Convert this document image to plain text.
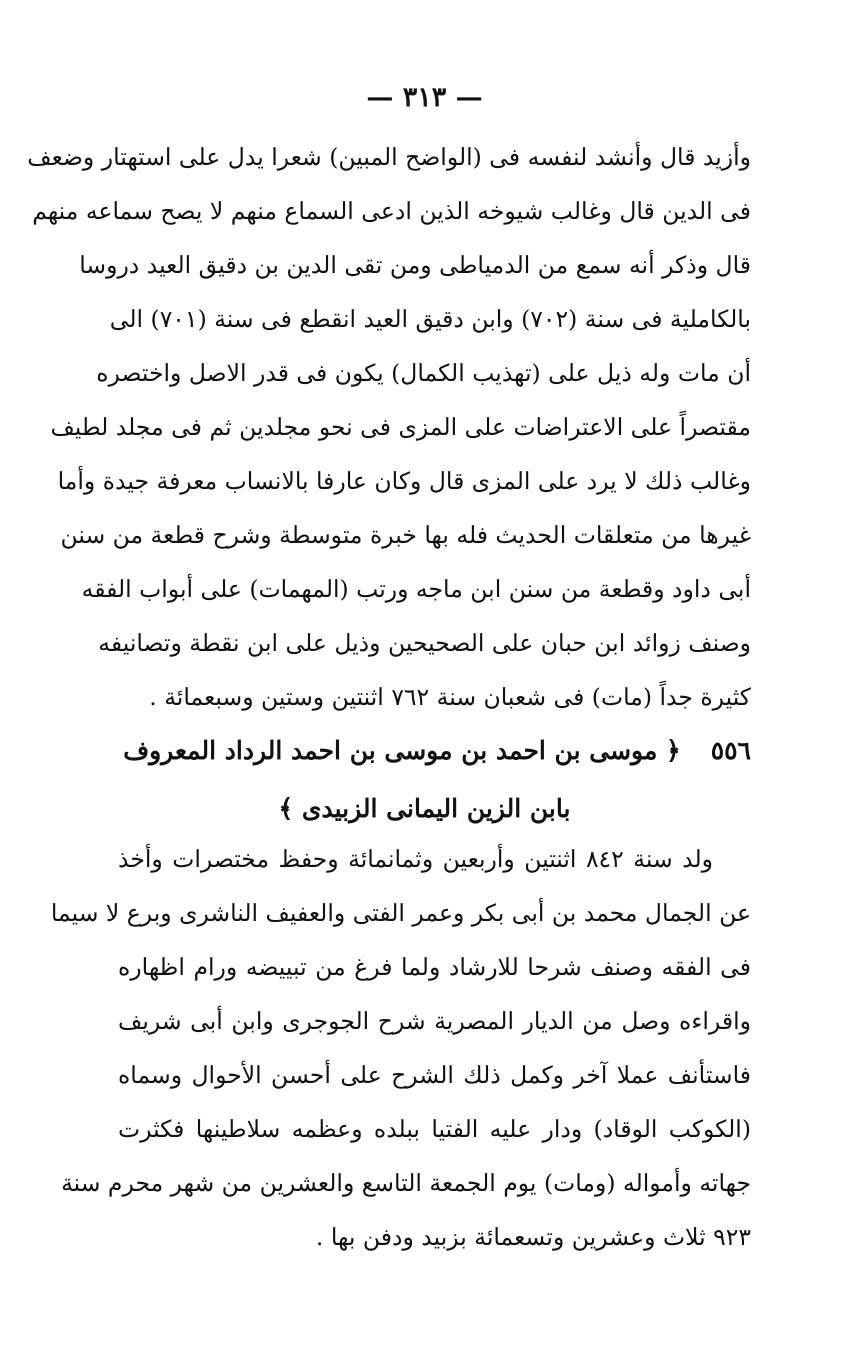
— ٣١٣ —
وأزيد قال وأنشد لنفسه فى (الواضح المبين) شعرا يدل على استهتار وضعف
فى الدين قال وغالب شيوخه الذين ادعى السماع منهم لا يصح سماعه منهم
قال وذكر أنه سمع من الدمياطى ومن تقى الدين بن دقيق العيد دروسا
بالكاملية فى سنة (٧٠٢) وابن دقيق العيد انقطع فى سنة (٧٠١) الى
أن مات وله ذيل على (تهذيب الكمال) يكون فى قدر الاصل واختصره
مقتصراً على الاعتراضات على المزى فى نحو مجلدين ثم فى مجلد لطيف
وغالب ذلك لا يرد على المزى قال وكان عارفا بالانساب معرفة جيدة وأما
غيرها من متعلقات الحديث فله بها خبرة متوسطة وشرح قطعة من سنن
أبى داود وقطعة من سنن ابن ماجه ورتب (المهمات) على أبواب الفقه
وصنف زوائد ابن حبان على الصحيحين وذيل على ابن نقطة وتصانيفه
كثيرة جداً (مات) فى شعبان سنة ٧٦٢ اثنتين وستين وسبعمائة .
٥٥٦﴿ موسى بن احمد بن موسى بن احمد الرداد المعروف
بابن الزين اليمانى الزبيدى ﴾
ولد سنة ٨٤٢ اثنتين وأربعين وثمانمائة وحفظ مختصرات وأخذ
عن الجمال محمد بن أبى بكر وعمر الفتى والعفيف الناشرى وبرع لا سيما
فى الفقه وصنف شرحا للارشاد ولما فرغ من تبييضه ورام اظهاره
واقراءه وصل من الديار المصرية شرح الجوجرى وابن أبى شريف
فاستأنف عملا آخر وكمل ذلك الشرح على أحسن الأحوال وسماه
(الكوكب الوقاد) ودار عليه الفتيا ببلده وعظمه سلاطينها فكثرت
جهاته وأمواله (ومات) يوم الجمعة التاسع والعشرين من شهر محرم سنة
٩٢٣ ثلاث وعشرين وتسعمائة بزبيد ودفن بها .
